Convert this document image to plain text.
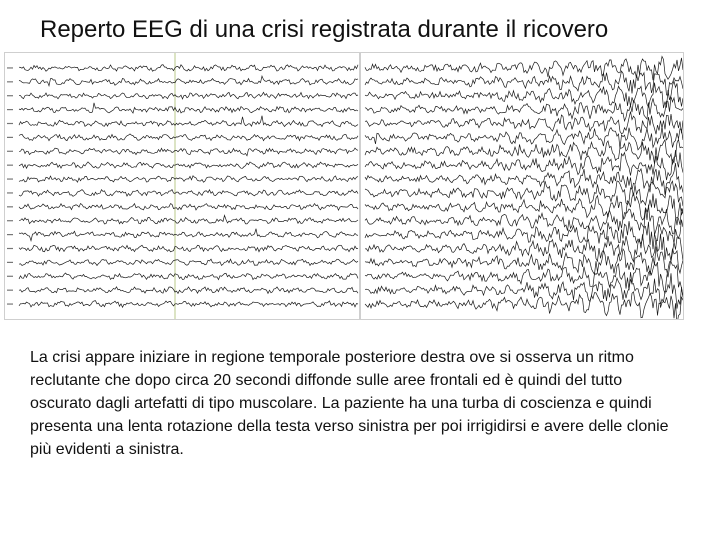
Reperto EEG di una crisi registrata durante il ricovero
La crisi appare iniziare in regione temporale posteriore destra ove si osserva un ritmo reclutante che dopo circa 20 secondi diffonde sulle aree frontali ed è quindi del tutto oscurato dagli artefatti di tipo muscolare. La paziente ha una turba di coscienza e quindi presenta una lenta rotazione della testa verso sinistra per poi irrigidirsi e avere delle clonie più evidenti a sinistra.
